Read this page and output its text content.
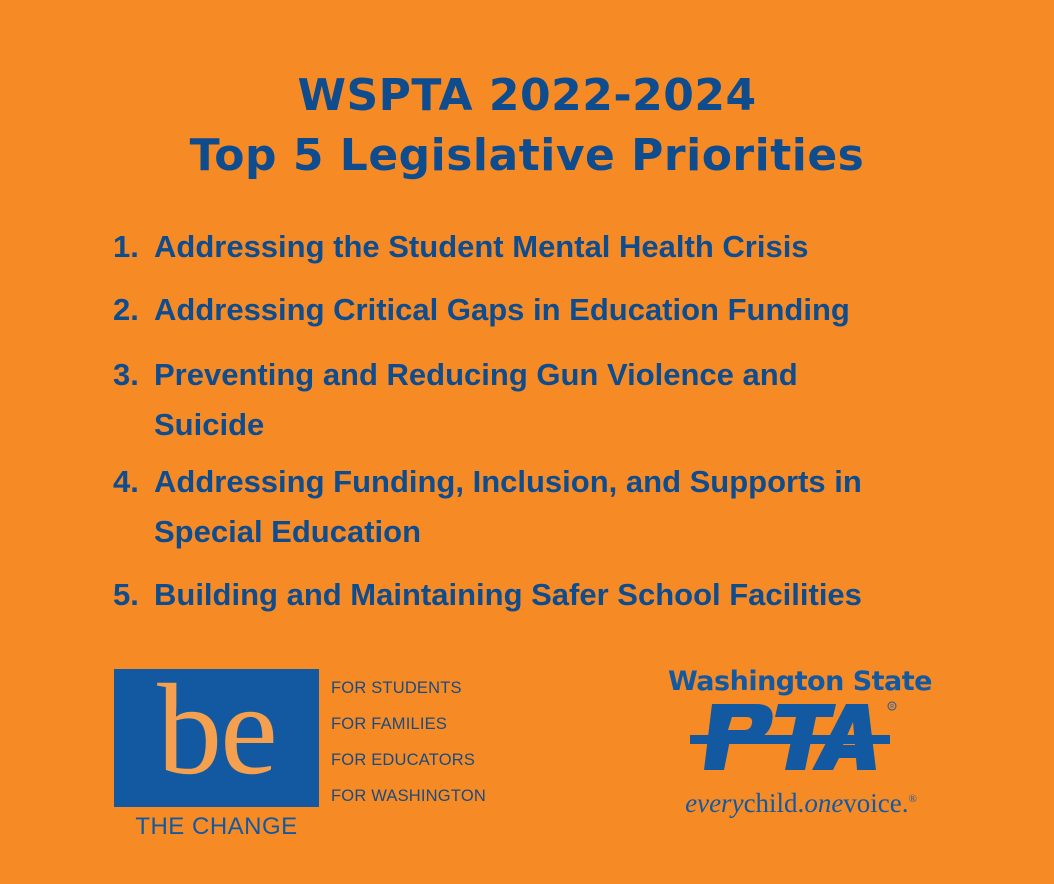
WSPTA 2022-2024
Top 5 Legislative Priorities
1. Addressing the Student Mental Health Crisis
2. Addressing Critical Gaps in Education Funding
3. Preventing and Reducing Gun Violence and
Suicide
4. Addressing Funding, Inclusion, and Supports in
Special Education
5. Building and Maintaining Safer School Facilities
be
THE CHANGE
FOR STUDENTS
FOR FAMILIES
FOR EDUCATORS
FOR WASHINGTON
Washington State
R
everychild.onevoice.®
